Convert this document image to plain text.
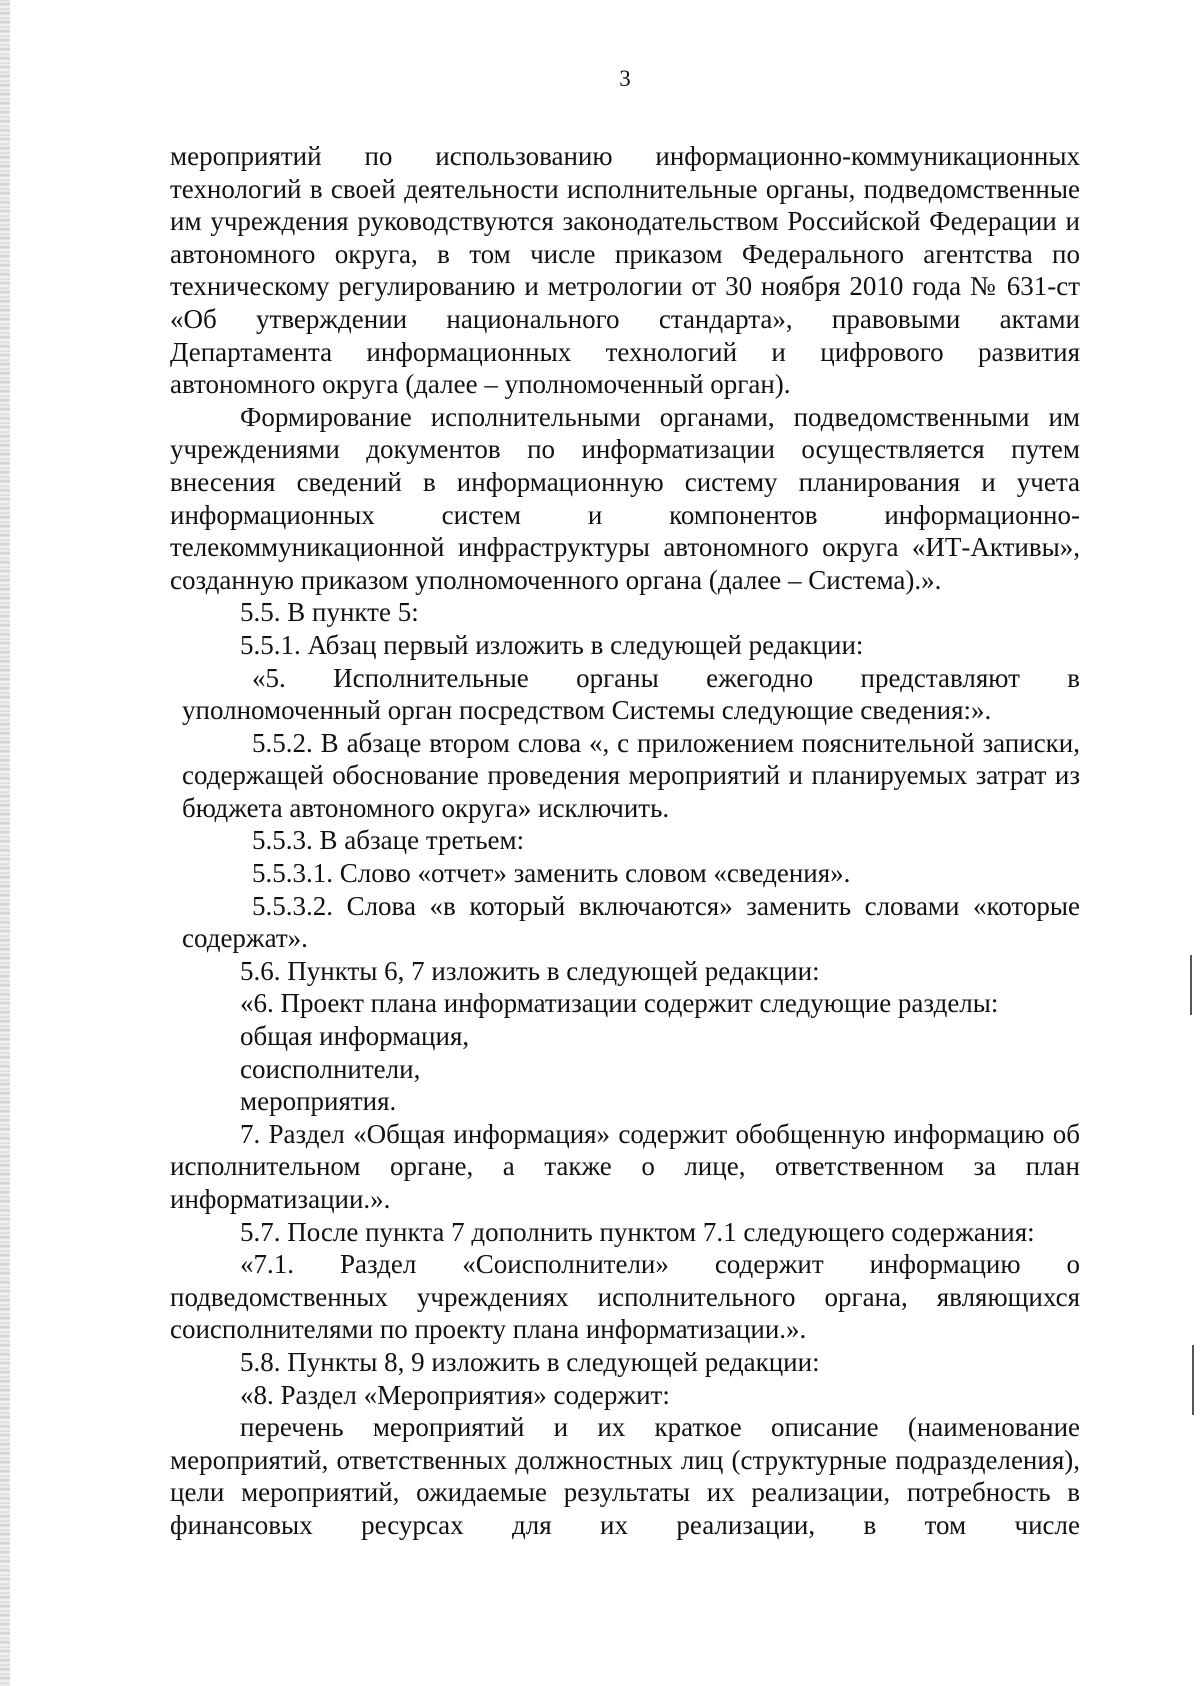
3

мероприятий по использованию информационно-коммуникационных технологий в своей деятельности исполнительные органы, подведомственные им учреждения руководствуются законодательством Российской Федерации и автономного округа, в том числе приказом Федерального агентства по техническому регулированию и метрологии от 30 ноября 2010 года № 631-ст «Об утверждении национального стандарта», правовыми актами Департамента информационных технологий и цифрового развития автономного округа (далее – уполномоченный орган).

Формирование исполнительными органами, подведомственными им учреждениями документов по информатизации осуществляется путем внесения сведений в информационную систему планирования и учета информационных систем и компонентов информационно-телекоммуникационной инфраструктуры автономного округа «ИТ-Активы», созданную приказом уполномоченного органа (далее – Система).».

5.5. В пункте 5:

5.5.1. Абзац первый изложить в следующей редакции:

«5. Исполнительные органы ежегодно представляют в уполномоченный орган посредством Системы следующие сведения:».

5.5.2. В абзаце втором слова «, с приложением пояснительной записки, содержащей обоснование проведения мероприятий и планируемых затрат из бюджета автономного округа» исключить.

5.5.3. В абзаце третьем:

5.5.3.1. Слово «отчет» заменить словом «сведения».

5.5.3.2. Слова «в который включаются» заменить словами «которые содержат».

5.6. Пункты 6, 7 изложить в следующей редакции:

«6. Проект плана информатизации содержит следующие разделы:

общая информация,

соисполнители,

мероприятия.

7. Раздел «Общая информация» содержит обобщенную информацию об исполнительном органе, а также о лице, ответственном за план информатизации.».

5.7. После пункта 7 дополнить пунктом 7.1 следующего содержания:

«7.1. Раздел «Соисполнители» содержит информацию о подведомственных учреждениях исполнительного органа, являющихся соисполнителями по проекту плана информатизации.».

5.8. Пункты 8, 9 изложить в следующей редакции:

«8. Раздел «Мероприятия» содержит:

перечень мероприятий и их краткое описание (наименование мероприятий, ответственных должностных лиц (структурные подразделения), цели мероприятий, ожидаемые результаты их реализации, потребность в финансовых ресурсах для их реализации, в том числе
